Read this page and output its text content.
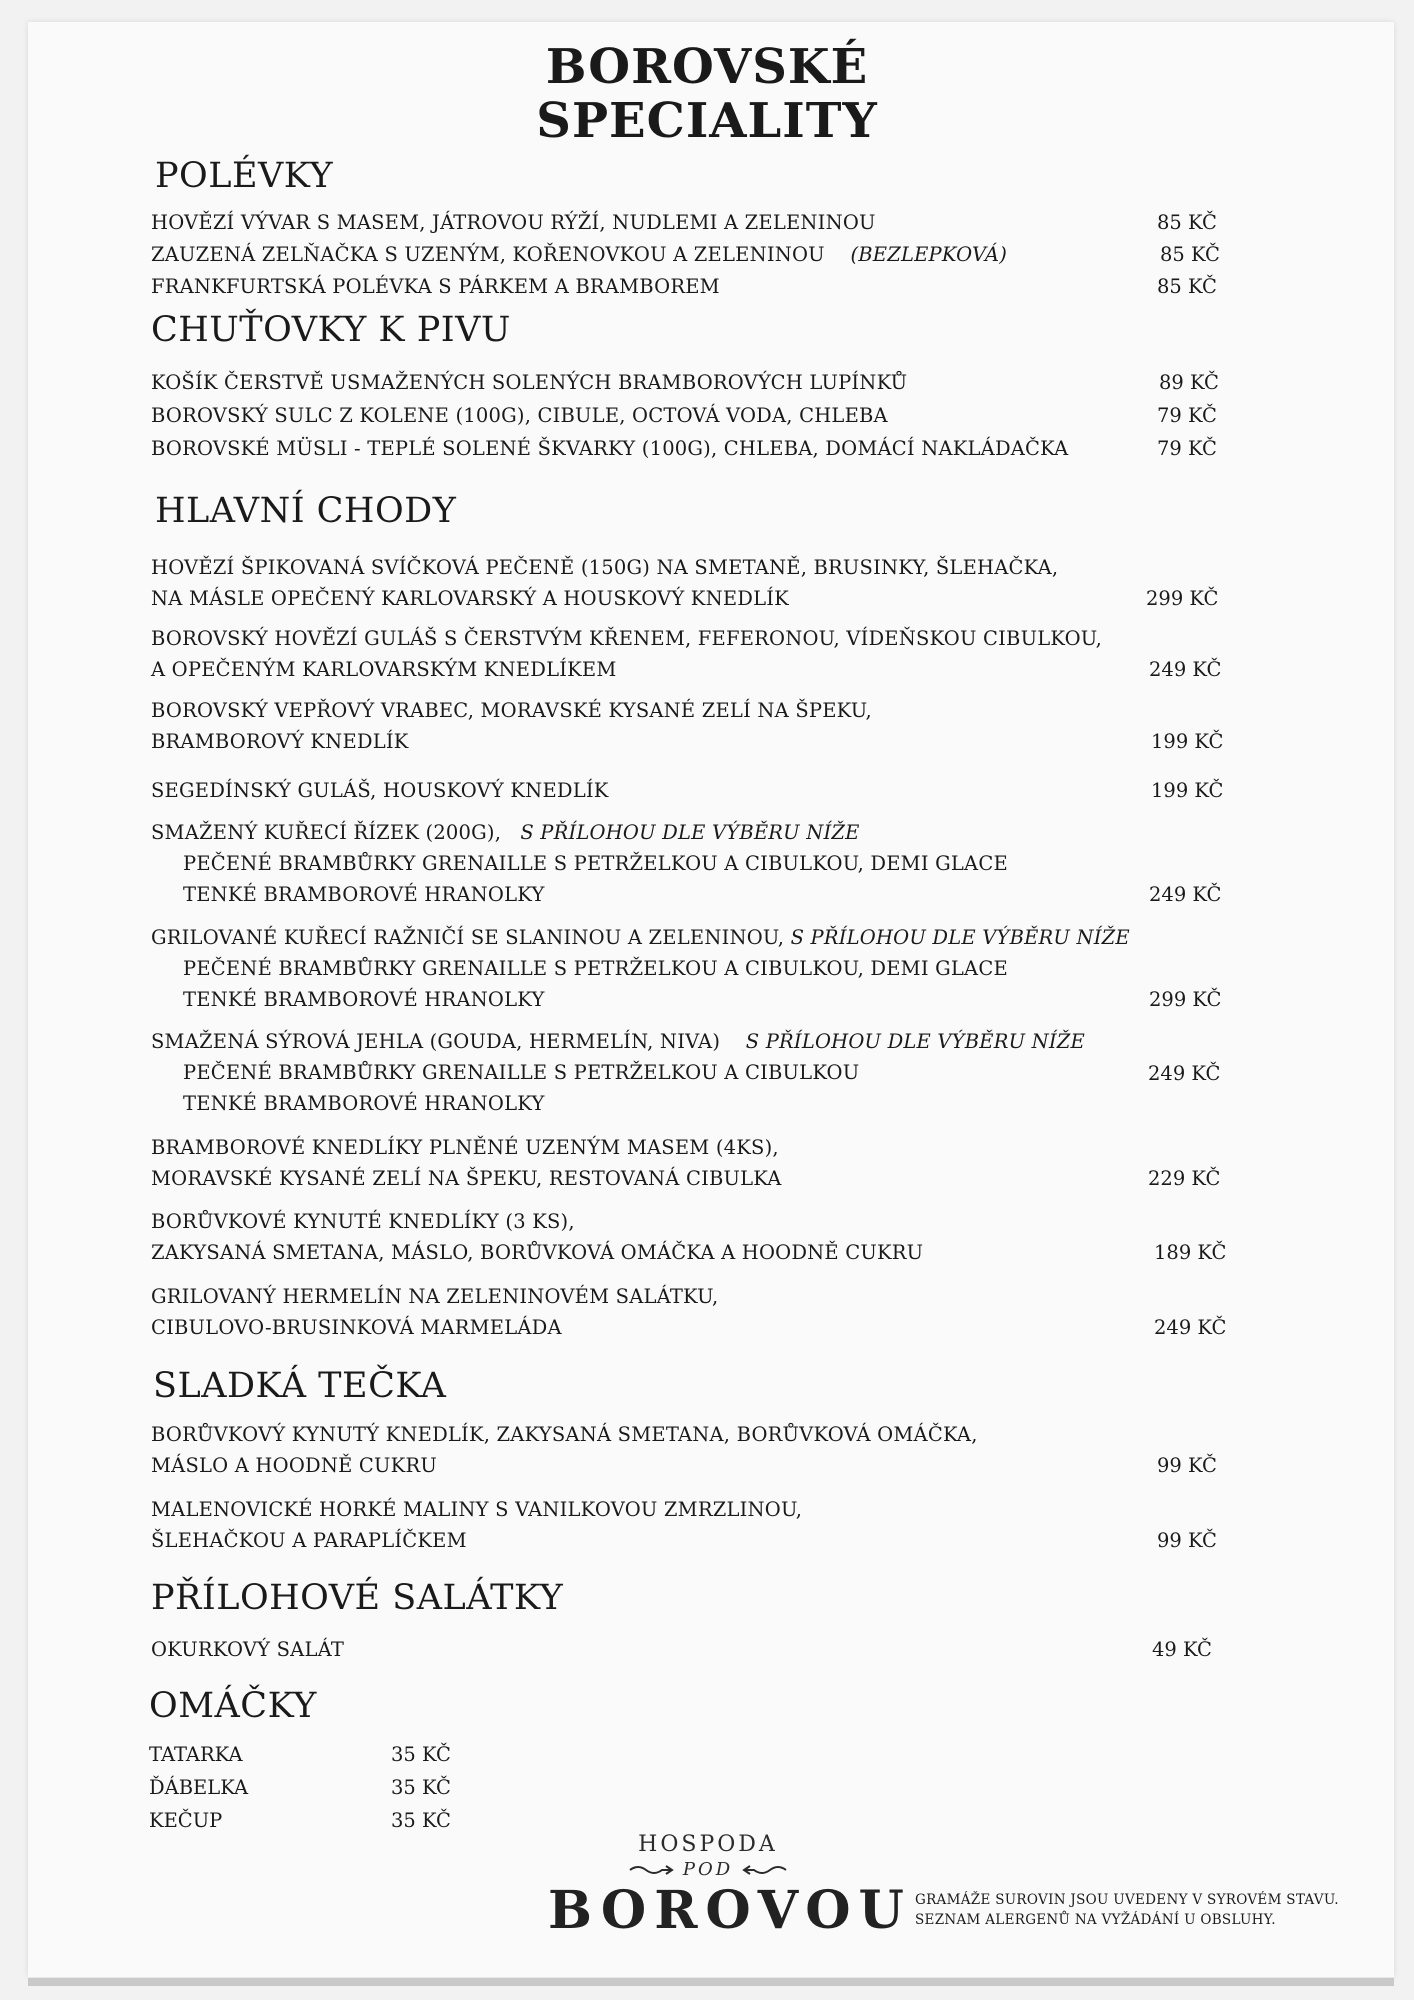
BOROVSKÉ
SPECIALITY
POLÉVKY
HOVĚZÍ VÝVAR S MASEM, JÁTROVOU RÝŽÍ, NUDLEMI A ZELENINOU	85 KČ
ZAUZENÁ ZELŇAČKA S UZENÝM, KOŘENOVKOU A ZELENINOU (BEZLEPKOVÁ)	85 KČ
FRANKFURTSKÁ POLÉVKA S PÁRKEM A BRAMBOREM	85 KČ
CHUŤOVKY K PIVU
KOŠÍK ČERSTVĚ USMAŽENÝCH SOLENÝCH BRAMBOROVÝCH LUPÍNKŮ	89 KČ
BOROVSKÝ SULC Z KOLENE (100G), CIBULE, OCTOVÁ VODA, CHLEBA	79 KČ
BOROVSKÉ MÜSLI - TEPLÉ SOLENÉ ŠKVARKY (100G), CHLEBA, DOMÁCÍ NAKLÁDAČKA	79 KČ
HLAVNÍ CHODY
HOVĚZÍ ŠPIKOVANÁ SVÍČKOVÁ PEČENĚ (150G) NA SMETANĚ, BRUSINKY, ŠLEHAČKA,
NA MÁSLE OPEČENÝ KARLOVARSKÝ A HOUSKOVÝ KNEDLÍK	299 KČ
BOROVSKÝ HOVĚZÍ GULÁŠ S ČERSTVÝM KŘENEM, FEFERONOU, VÍDEŇSKOU CIBULKOU,
A OPEČENÝM KARLOVARSKÝM KNEDLÍKEM	249 KČ
BOROVSKÝ VEPŘOVÝ VRABEC, MORAVSKÉ KYSANÉ ZELÍ NA ŠPEKU,
BRAMBOROVÝ KNEDLÍK	199 KČ
SEGEDÍNSKÝ GULÁŠ, HOUSKOVÝ KNEDLÍK	199 KČ
SMAŽENÝ KUŘECÍ ŘÍZEK (200G), S PŘÍLOHOU DLE VÝBĚRU NÍŽE
PEČENÉ BRAMBŮRKY GRENAILLE S PETRŽELKOU A CIBULKOU, DEMI GLACE
TENKÉ BRAMBOROVÉ HRANOLKY	249 KČ
GRILOVANÉ KUŘECÍ RAŽNIČÍ SE SLANINOU A ZELENINOU, S PŘÍLOHOU DLE VÝBĚRU NÍŽE
PEČENÉ BRAMBŮRKY GRENAILLE S PETRŽELKOU A CIBULKOU, DEMI GLACE
TENKÉ BRAMBOROVÉ HRANOLKY	299 KČ
SMAŽENÁ SÝROVÁ JEHLA (GOUDA, HERMELÍN, NIVA) S PŘÍLOHOU DLE VÝBĚRU NÍŽE
PEČENÉ BRAMBŮRKY GRENAILLE S PETRŽELKOU A CIBULKOU
TENKÉ BRAMBOROVÉ HRANOLKY
249 KČ
BRAMBOROVÉ KNEDLÍKY PLNĚNÉ UZENÝM MASEM (4KS),
MORAVSKÉ KYSANÉ ZELÍ NA ŠPEKU, RESTOVANÁ CIBULKA	229 KČ
BORŮVKOVÉ KYNUTÉ KNEDLÍKY (3 KS),
ZAKYSANÁ SMETANA, MÁSLO, BORŮVKOVÁ OMÁČKA A HOODNĚ CUKRU	189 KČ
GRILOVANÝ HERMELÍN NA ZELENINOVÉM SALÁTKU,
CIBULOVO-BRUSINKOVÁ MARMELÁDA	249 KČ
SLADKÁ TEČKA
BORŮVKOVÝ KYNUTÝ KNEDLÍK, ZAKYSANÁ SMETANA, BORŮVKOVÁ OMÁČKA,
MÁSLO A HOODNĚ CUKRU	99 KČ
MALENOVICKÉ HORKÉ MALINY S VANILKOVOU ZMRZLINOU,
ŠLEHAČKOU A PARAPLÍČKEM	99 KČ
PŘÍLOHOVÉ SALÁTKY
OKURKOVÝ SALÁT	49 KČ
OMÁČKY
TATARKA	35 KČ
ĎÁBELKA	35 KČ
KEČUP	35 KČ
HOSPODA
POD
BOROVOU GRAMÁŽE SUROVIN JSOU UVEDENY V SYROVÉM STAVU.
SEZNAM ALERGENŮ NA VYŽÁDÁNÍ U OBSLUHY.
